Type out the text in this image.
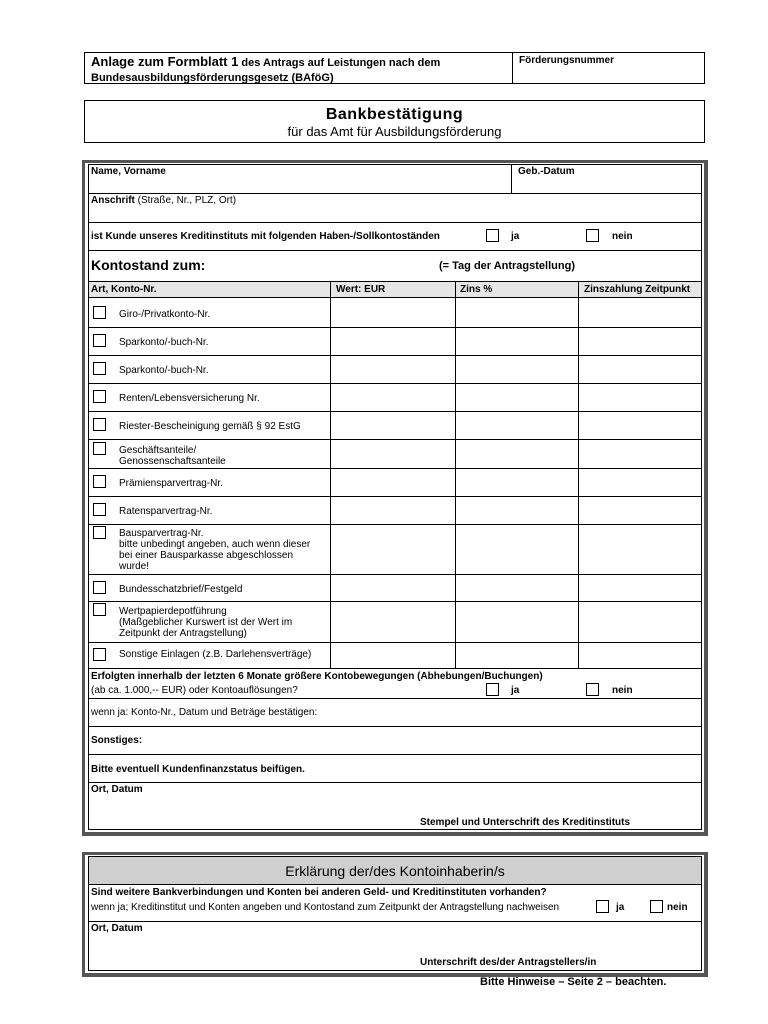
Anlage zum Formblatt 1 des Antrags auf Leistungen nach dem
Bundesausbildungsförderungsgesetz (BAföG)
Förderungsnummer
Bankbestätigung
für das Amt für Ausbildungsförderung
Name, Vorname	Geb.-Datum
Anschrift (Straße, Nr., PLZ, Ort)
ist Kunde unseres Kreditinstituts mit folgenden Haben-/Sollkontoständen	ja	nein
Kontostand zum:	(= Tag der Antragstellung)
Art, Konto-Nr.	Wert: EUR	Zins %	Zinszahlung Zeitpunkt
Giro-/Privatkonto-Nr.
Sparkonto/-buch-Nr.
Sparkonto/-buch-Nr.
Renten/Lebensversicherung Nr.
Riester-Bescheinigung gemäß § 92 EstG
Geschäftsanteile/
Genossenschaftsanteile
Prämiensparvertrag-Nr.
Ratensparvertrag-Nr.
Bausparvertrag-Nr.
bitte unbedingt angeben, auch wenn dieser
bei einer Bausparkasse abgeschlossen
wurde!
Bundesschatzbrief/Festgeld
Wertpapierdepotführung
(Maßgeblicher Kurswert ist der Wert im
Zeitpunkt der Antragstellung)
Sonstige Einlagen (z.B. Darlehensverträge)
Erfolgten innerhalb der letzten 6 Monate größere Kontobewegungen (Abhebungen/Buchungen)
(ab ca. 1.000,-- EUR) oder Kontoauflösungen?	ja	nein
wenn ja: Konto-Nr., Datum und Beträge bestätigen:
Sonstiges:
Bitte eventuell Kundenfinanzstatus beifügen.
Ort, Datum
Stempel und Unterschrift des Kreditinstituts
Erklärung der/des Kontoinhaberin/s
Sind weitere Bankverbindungen und Konten bei anderen Geld- und Kreditinstituten vorhanden?
wenn ja; Kreditinstitut und Konten angeben und Kontostand zum Zeitpunkt der Antragstellung nachweisen	ja	nein
Ort, Datum
Unterschrift des/der Antragstellers/in
Bitte Hinweise – Seite 2 – beachten.
